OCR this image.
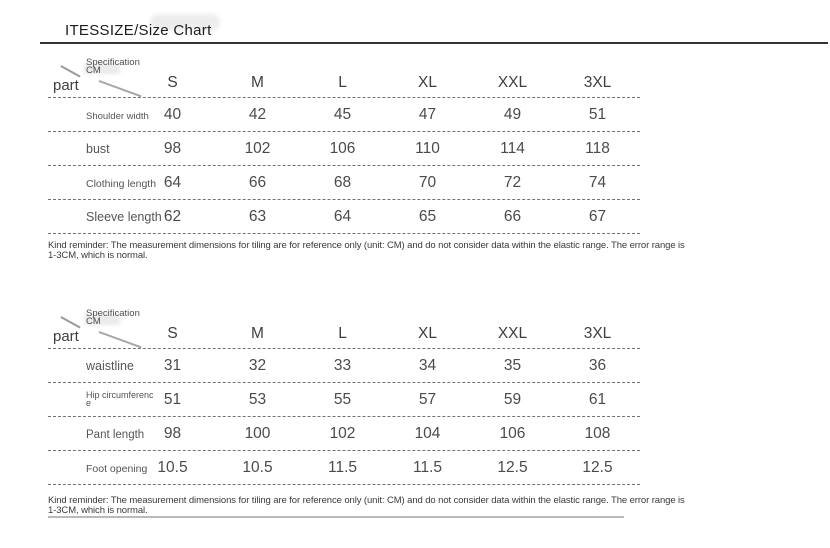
ITESSIZE/Size Chart
Specification
CM
part	S	M	L	XL	XXL	3XL
Shoulder width 40	42	45	47	49	51
bust	98	102	106	110	114	118
Clothing length 64	66	68	70	72	74
Sleeve length 62	63	64	65	66	67
Kind reminder: The measurement dimensions for tiling are for reference only (unit: CM) and do not consider data within the elastic range. The error range is
1-3CM, which is normal.
Specification
CM
part	S	M	L	XL	XXL	3XL
waistline	31	32	33	34	35	36
Hip circumference	51	53	55	57	59	61
Pant length	98	100	102	104	106	108
Foot opening 10.5	10.5	11.5	11.5	12.5	12.5
Kind reminder: The measurement dimensions for tiling are for reference only (unit: CM) and do not consider data within the elastic range. The error range is
1-3CM, which is normal.
